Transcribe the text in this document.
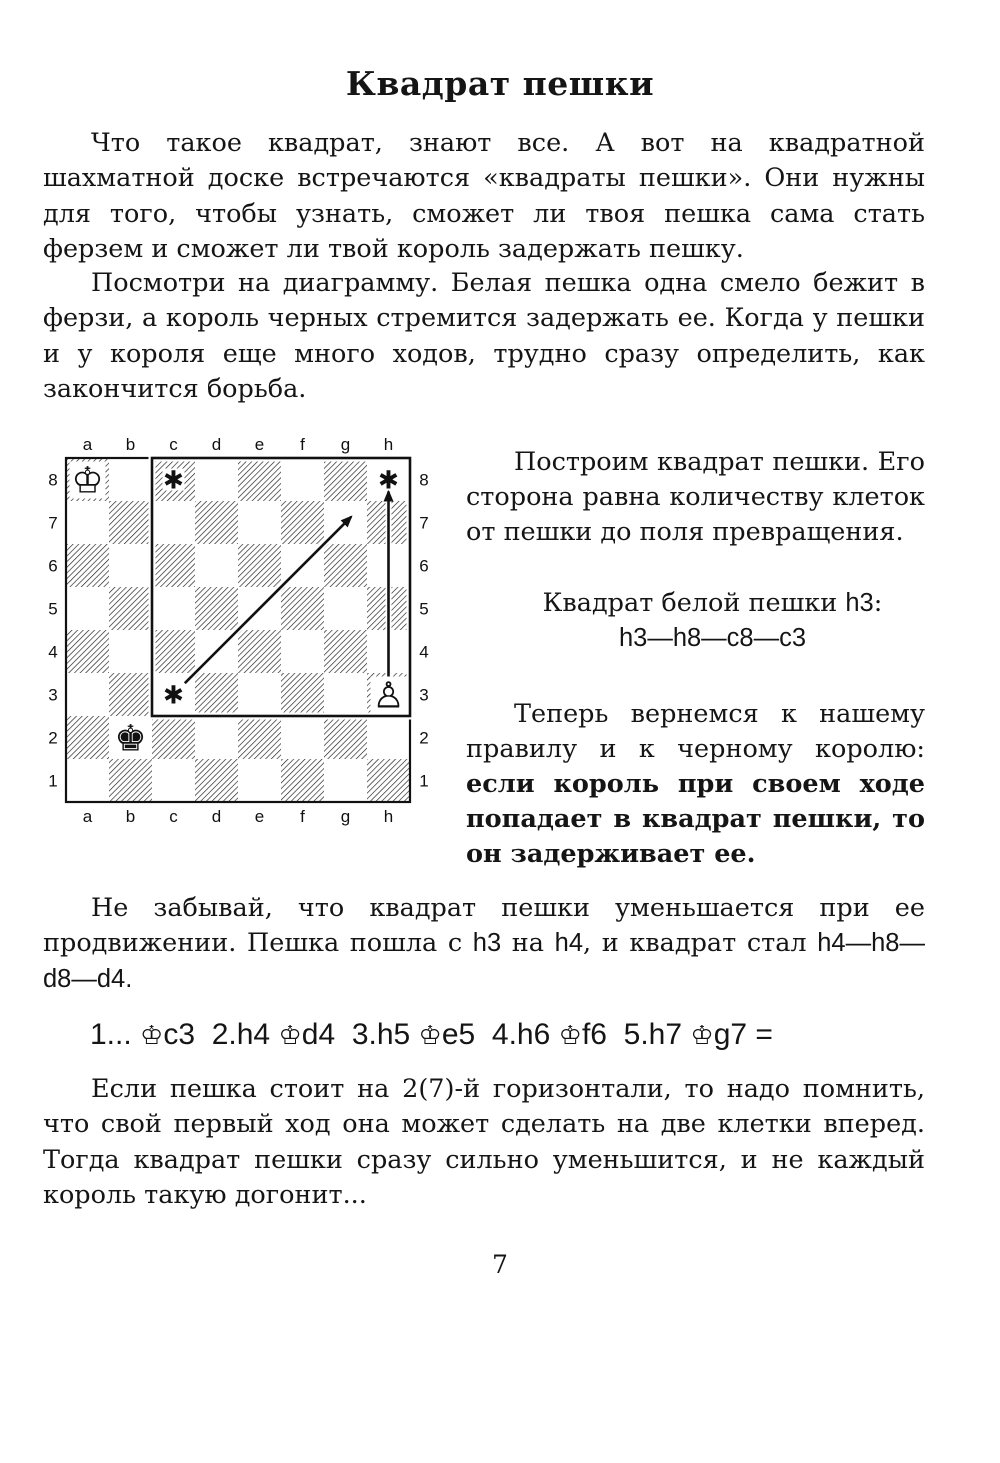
Квадрат пешки
Что такое квадрат, знают все. А вот на квадратной шахматной доске встречаются «квадраты пешки». Они нужны для того, чтобы узнать, сможет ли твоя пешка сама стать ферзем и сможет ли твой король задержать пешку.
Посмотри на диаграмму. Белая пешка одна смело бежит в ферзи, а король черных стремится задержать ее. Когда у пешки и у короля еще много ходов, трудно сразу определить, как закончится борьба.
a
a
b
b
c
c
d
d
e
e
f
f
g
g
h
h
8	8
7	7
6	6
5	5
4	4
3	3
2	2
1	1
✱	✱
✱
♔
♚
♙
Построим квадрат пешки. Его сторона равна количеству клеток от пешки до поля превращения.
Квадрат белой пешки h3:
h3—h8—c8—c3
Теперь вернемся к нашему правилу и к черному королю: если король при своем ходе попадает в квадрат пешки, то он задерживает ее.
Не забывай, что квадрат пешки уменьшается при ее продвижении. Пешка пошла с h3 на h4, и квадрат стал h4—h8—d8—d4.
1... ♔c3 2.h4 ♔d4 3.h5 ♔e5 4.h6 ♔f6 5.h7 ♔g7 =
Если пешка стоит на 2(7)-й горизонтали, то надо помнить, что свой первый ход она может сделать на две клетки вперед. Тогда квадрат пешки сразу сильно уменьшится, и не каждый король такую догонит...
7
